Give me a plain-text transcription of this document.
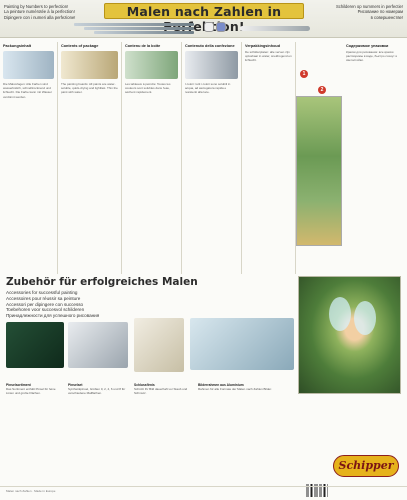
Painting by Numbers to perfection!
La peinture numérotée à la perfection!
Dipingere con i numeri alla perfezione!	Malen nach Zahlen in	Schilderen op nummers in perfectie!
Рисование по номерам
в совершенстве!
Packungsinhalt
Die Malvorlagen: Alle Farben sind wasserlöslich, schnelltrocknend und lichtecht. Die Farbe kann mit Wasser verdünnt werden.
Contents of package
The painting boards: All paints are water-soluble, quick-drying and lightfast. Thin the paint with water.
Contenu de la boîte
Les tableaux à peindre: Toutes les couleurs sont solubles dans l'eau, sèchent rapidement.
Contenuto della confezione
I colori: tutti i colori sono solubili in acqua, ad asciugatura rapida e resistenti alla luce.
Verpakkingsinhoud
De schilderplaten: alle verven zijn oplosbaar in water, sneldrogend en lichtecht.
Содержимое упаковки
Краски для рисования: все краски растворимы в воде, быстро сохнут и светостойки.
1
2
Zubehör für erfolgreiches Malen
Accessories for successful painting
Accessoires pour réussir sa peinture
Accessori per dipingere con successo
Toebehoren voor succesvol schilderen
Принадлежности для успешного рисования
Pinselsortiment
Das Sortiment enthält Pinsel für feine Linien und große Flächen.
Pinselset
Synthetikpinsel, Größen 0, 2, 4, 6 und 8 für verschiedene Malflächen.
Schlussfirnis
Schützt Ihr Bild dauerhaft vor Staub und Schmutz.
Bilderrahmen aus Aluminium
Rahmen für alle Formate der Malen nach Zahlen Bilder.
Schipper
Malen nach Zahlen · Made in Europe
